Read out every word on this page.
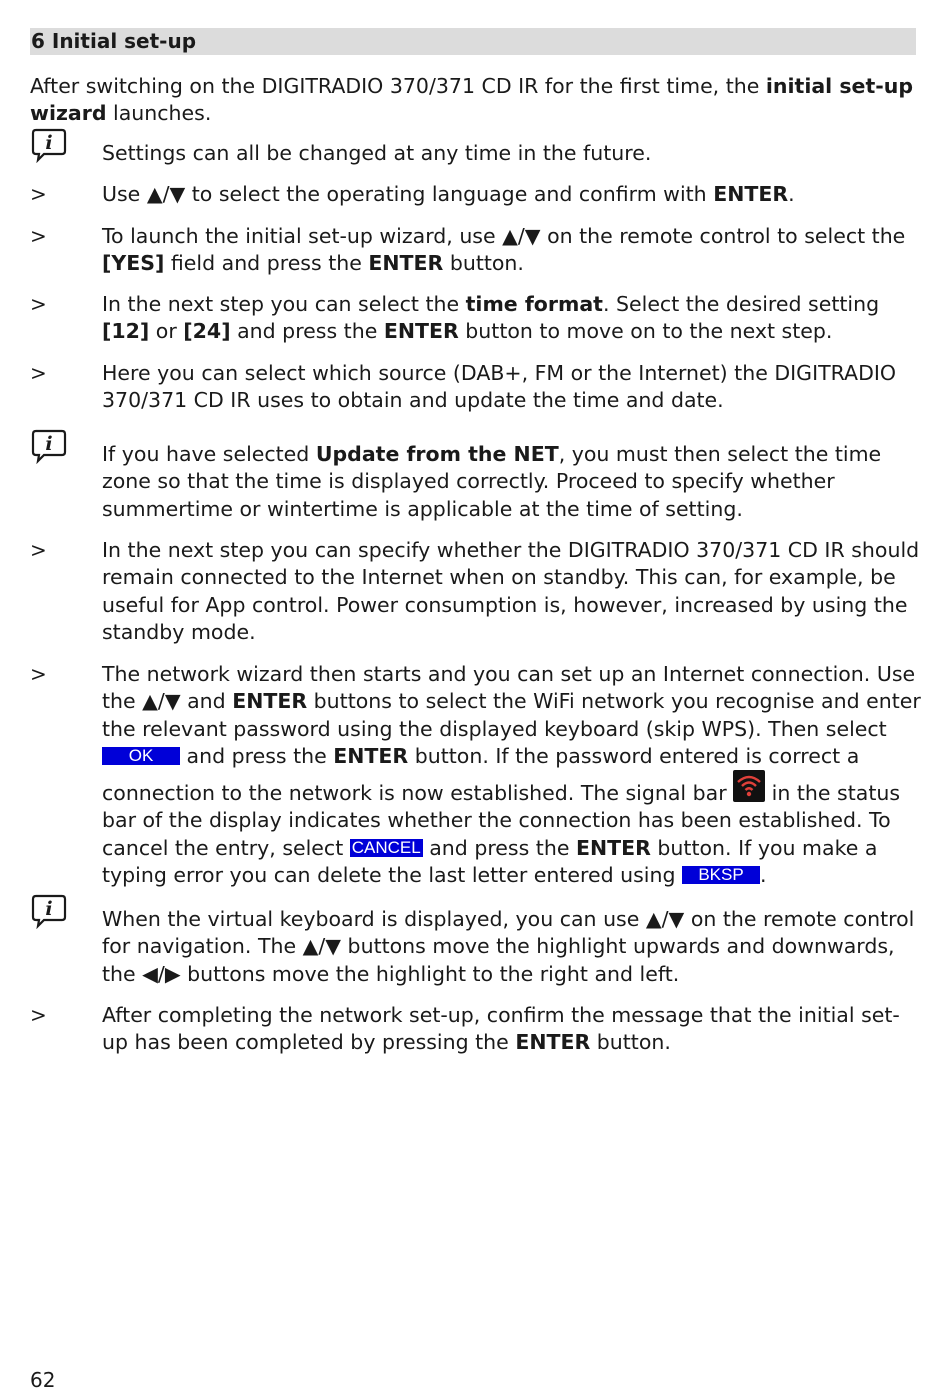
6 Initial set-up

After switching on the DIGITRADIO 370/371 CD IR for the first time, the initial set-up wizard launches.

i Settings can all be changed at any time in the future.

>	Use ▲/▼ to select the operating language and confirm with ENTER.

>	To launch the initial set-up wizard, use ▲/▼ on the remote control to select the [YES] field and press the ENTER button.

>	In the next step you can select the time format. Select the desired setting [12] or [24] and press the ENTER button to move on to the next step.

>	Here you can select which source (DAB+, FM or the Internet) the DIGITRADIO 370/371 CD IR uses to obtain and update the time and date.

i If you have selected Update from the NET, you must then select the time zone so that the time is displayed correctly. Proceed to specify whether summertime or wintertime is applicable at the time of setting.

>	In the next step you can specify whether the DIGITRADIO 370/371 CD IR should remain connected to the Internet when on standby. This can, for example, be useful for App control. Power consumption is, however, increased by using the standby mode.

>	The network wizard then starts and you can set up an Internet connection. Use the ▲/▼ and ENTER buttons to select the WiFi network you recognise and enter the relevant password using the displayed keyboard (skip WPS). Then select OK and press the ENTER button. If the password entered is correct a connection to the network is now established. The signal bar  in the status bar of the display indicates whether the connection has been established. To cancel the entry, select CANCEL and press the ENTER button. If you make a typing error you can delete the last letter entered using BKSP .

i When the virtual keyboard is displayed, you can use ▲/▼ on the remote control for navigation. The ▲/▼ buttons move the highlight upwards and downwards, the ◀/▶ buttons move the highlight to the right and left.

>	After completing the network set-up, confirm the message that the initial set-up has been completed by pressing the ENTER button.

62
